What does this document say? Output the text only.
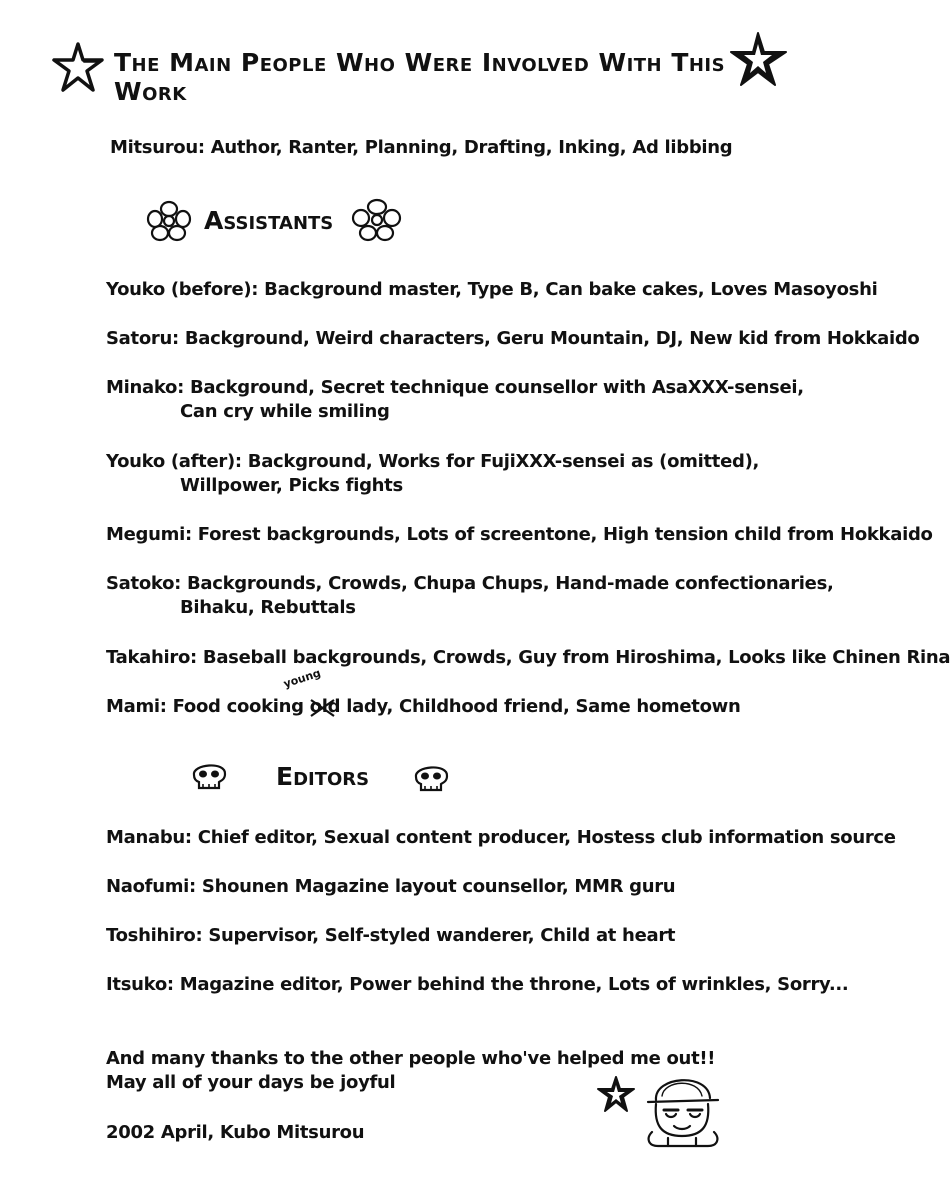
The Main People Who Were Involved With This Work
Mitsurou: Author, Ranter, Planning, Drafting, Inking, Ad libbing
Assistants
Youko (before): Background master, Type B, Can bake cakes, Loves Masoyoshi
Satoru: Background, Weird characters, Geru Mountain, DJ, New kid from Hokkaido
Minako: Background, Secret technique counsellor with AsaXXX-sensei,
Can cry while smiling
Youko (after): Background, Works for FujiXXX-sensei as (omitted),
Willpower, Picks fights
Megumi: Forest backgrounds, Lots of screentone, High tension child from Hokkaido
Satoko: Backgrounds, Crowds, Chupa Chups, Hand-made confectionaries,
Bihaku, Rebuttals
Takahiro: Baseball backgrounds, Crowds, Guy from Hiroshima, Looks like Chinen Rina
young
Mami: Food cooking old
lady, Childhood friend, Same hometown
Editors
Manabu: Chief editor, Sexual content producer, Hostess club information source
Naofumi: Shounen Magazine layout counsellor, MMR guru
Toshihiro: Supervisor, Self-styled wanderer, Child at heart
Itsuko: Magazine editor, Power behind the throne, Lots of wrinkles, Sorry...
And many thanks to the other people who've helped me out!!
May all of your days be joyful
2002 April, Kubo Mitsurou
